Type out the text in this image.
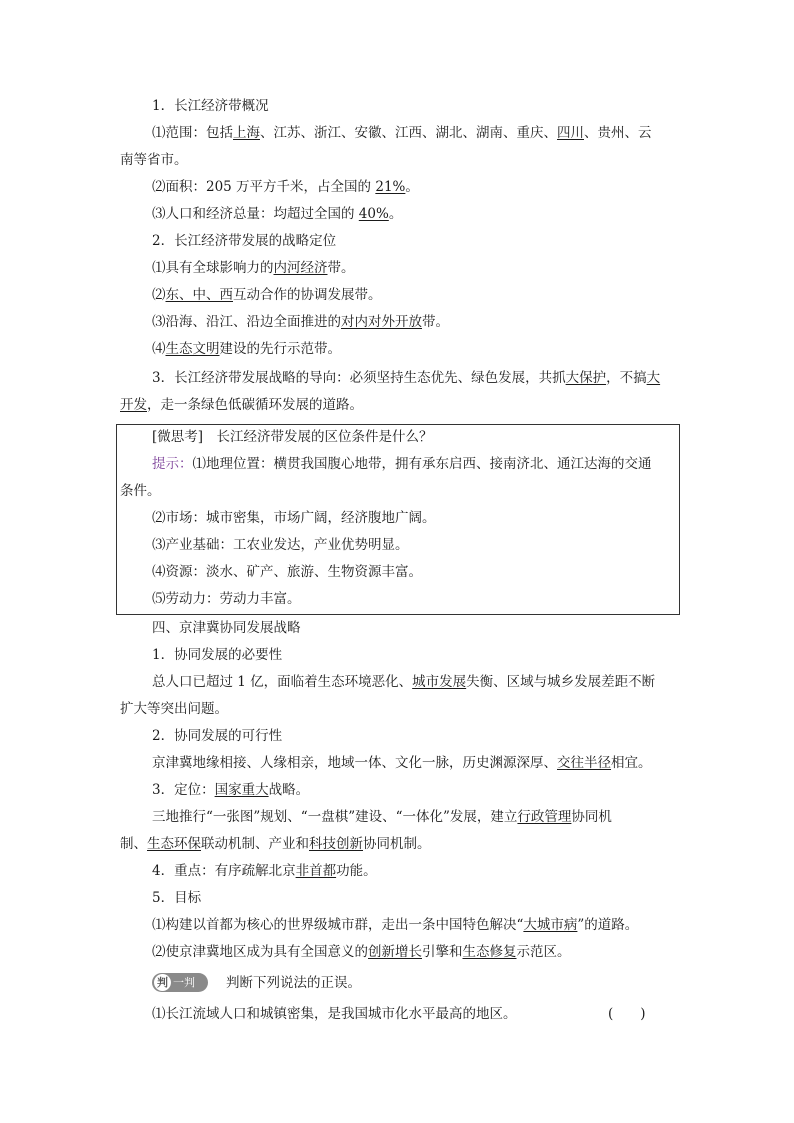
1．长江经济带概况
⑴范围：包括上海、江苏、浙江、安徽、江西、湖北、湖南、重庆、四川、贵州、云
南等省市。
⑵面积：205 万平方千米，占全国的 21%。
⑶人口和经济总量：均超过全国的 40%。
2．长江经济带发展的战略定位
⑴具有全球影响力的内河经济带。
⑵东、中、西互动合作的协调发展带。
⑶沿海、沿江、沿边全面推进的对内对外开放带。
⑷生态文明建设的先行示范带。
3．长江经济带发展战略的导向：必须坚持生态优先、绿色发展，共抓大保护，不搞大
开发，走一条绿色低碳循环发展的道路。
[微思考]　长江经济带发展的区位条件是什么？
提示：⑴地理位置：横贯我国腹心地带，拥有承东启西、接南济北、通江达海的交通
条件。
⑵市场：城市密集，市场广阔，经济腹地广阔。
⑶产业基础：工农业发达，产业优势明显。
⑷资源：淡水、矿产、旅游、生物资源丰富。
⑸劳动力：劳动力丰富。
四、京津冀协同发展战略
1．协同发展的必要性
总人口已超过 1 亿，面临着生态环境恶化、城市发展失衡、区域与城乡发展差距不断
扩大等突出问题。
2．协同发展的可行性
京津冀地缘相接、人缘相亲，地域一体、文化一脉，历史渊源深厚、交往半径相宜。
3．定位：国家重大战略。
三地推行“一张图”规划、“一盘棋”建设、“一体化”发展，建立行政管理协同机
制、生态环保联动机制、产业和科技创新协同机制。
4．重点：有序疏解北京非首都功能。
5．目标
⑴构建以首都为核心的世界级城市群，走出一条中国特色解决“大城市病”的道路。
⑵使京津冀地区成为具有全国意义的创新增长引擎和生态修复示范区。
判 一判	判断下列说法的正误。
⑴长江流域人口和城镇密集，是我国城市化水平最高的地区。	(　　)
